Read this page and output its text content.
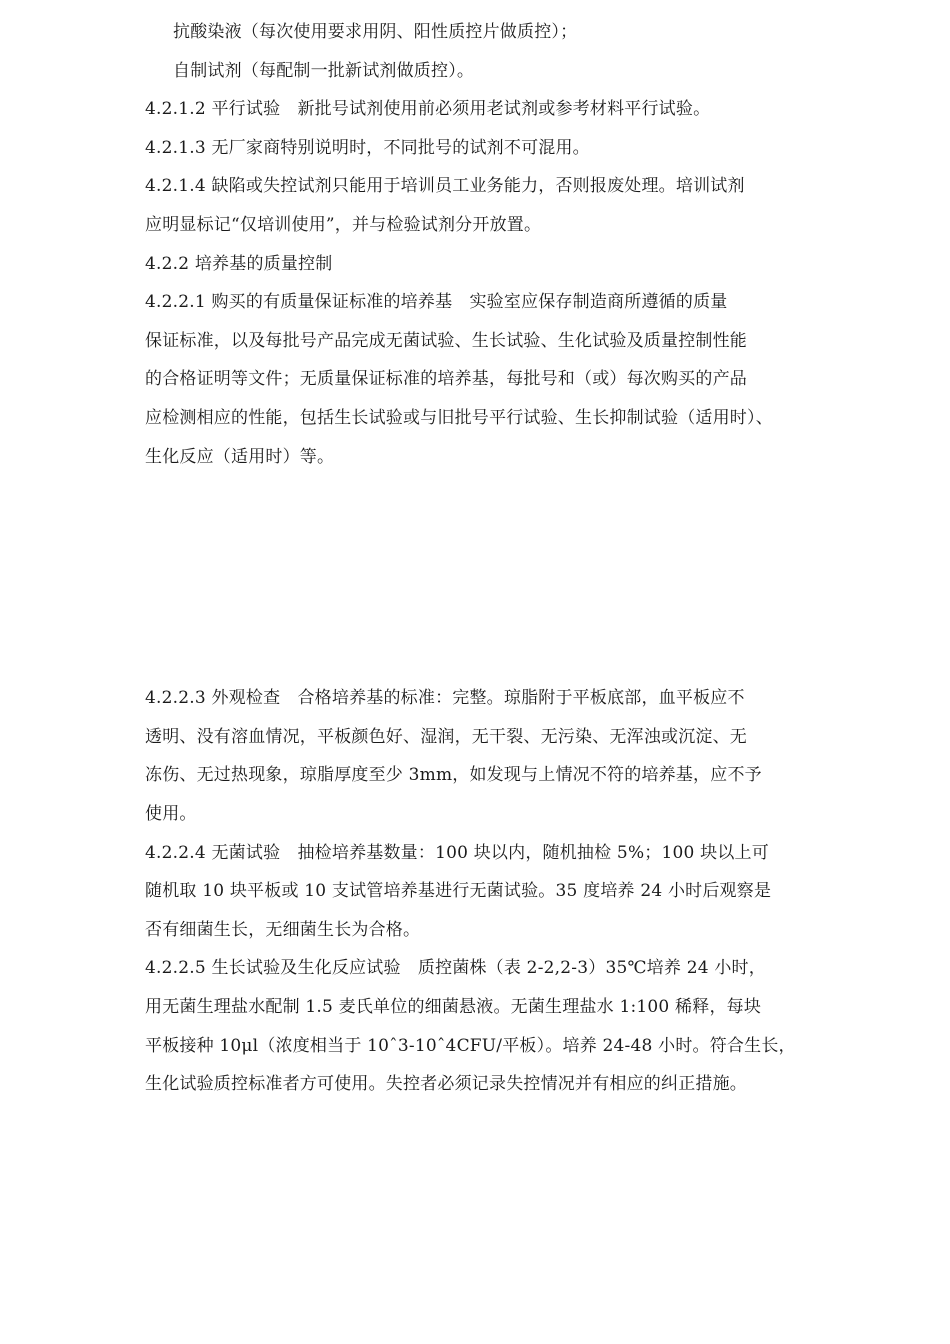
抗酸染液（每次使用要求用阴、阳性质控片做质控）；
自制试剂（每配制一批新试剂做质控）。
4.2.1.2 平行试验　新批号试剂使用前必须用老试剂或参考材料平行试验。
4.2.1.3 无厂家商特别说明时，不同批号的试剂不可混用。
4.2.1.4 缺陷或失控试剂只能用于培训员工业务能力，否则报废处理。培训试剂
应明显标记“仅培训使用”，并与检验试剂分开放置。
4.2.2 培养基的质量控制
4.2.2.1 购买的有质量保证标准的培养基　实验室应保存制造商所遵循的质量
保证标准，以及每批号产品完成无菌试验、生长试验、生化试验及质量控制性能
的合格证明等文件；无质量保证标准的培养基，每批号和（或）每次购买的产品
应检测相应的性能，包括生长试验或与旧批号平行试验、生长抑制试验（适用时）、
生化反应（适用时）等。
4.2.2.3 外观检查　合格培养基的标准：完整。琼脂附于平板底部，血平板应不
透明、没有溶血情况，平板颜色好、湿润，无干裂、无污染、无浑浊或沉淀、无
冻伤、无过热现象，琼脂厚度至少 3mm，如发现与上情况不符的培养基，应不予
使用。
4.2.2.4 无菌试验　抽检培养基数量：100 块以内，随机抽检 5%；100 块以上可
随机取 10 块平板或 10 支试管培养基进行无菌试验。35 度培养 24 小时后观察是
否有细菌生长，无细菌生长为合格。
4.2.2.5 生长试验及生化反应试验　质控菌株（表 2-2,2-3）35℃培养 24 小时，
用无菌生理盐水配制 1.5 麦氏单位的细菌悬液。无菌生理盐水 1:100 稀释，每块
平板接种 10μl（浓度相当于 10ˆ3-10ˆ4CFU/平板）。培养 24-48 小时。符合生长，
生化试验质控标准者方可使用。失控者必须记录失控情况并有相应的纠正措施。
